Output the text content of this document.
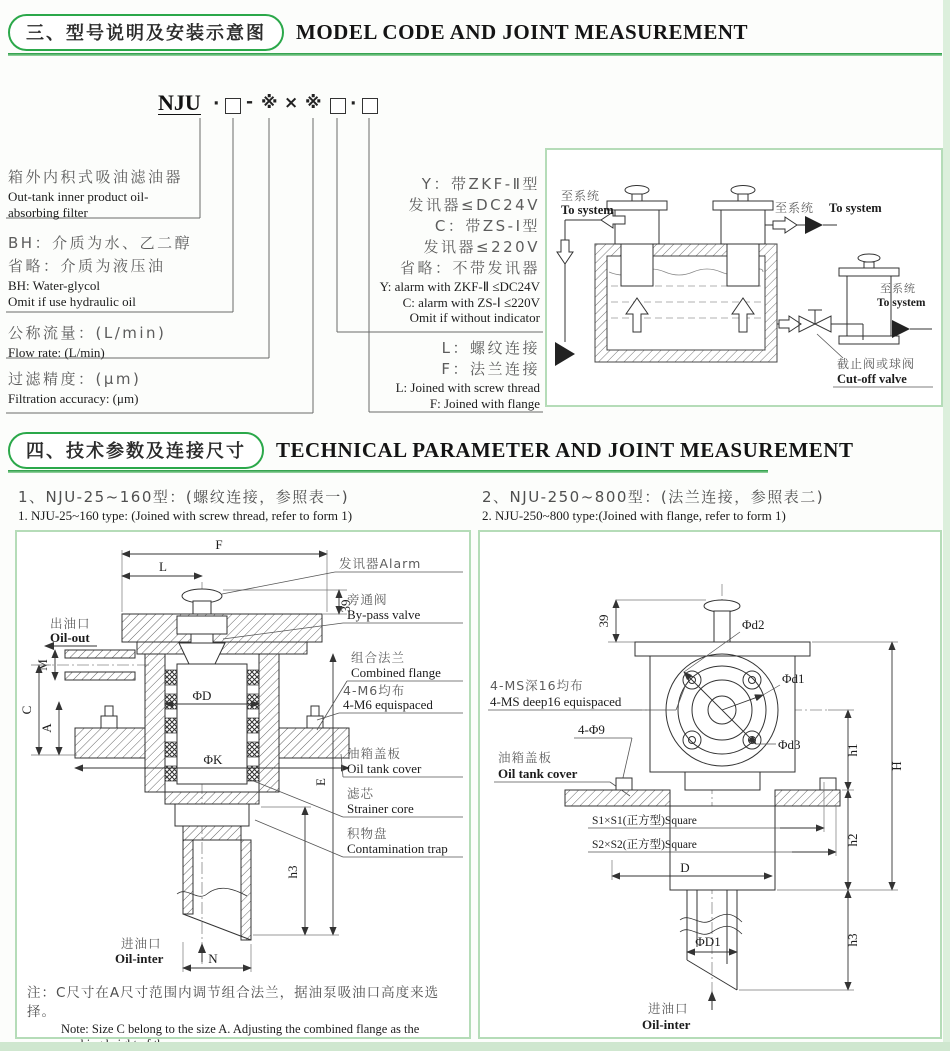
三、型号说明及安装示意图	MODEL CODE AND JOINT MEASUREMENT
NJU · - ※ × ※ ·
箱外内积式吸油滤油器
Out-tank inner product oil-
absorbing filter
BH：介质为水、乙二醇
省略：介质为液压油
BH: Water-glycol
Omit if use hydraulic oil
公称流量：(L/min)
Flow rate: (L/min)
过滤精度：(μm)
Filtration accuracy: (μm)
Y：带ZKF-Ⅱ型
发讯器≤DC24V
C：带ZS-Ⅰ型
发讯器≤220V
省略：不带发讯器
Y: alarm with ZKF-Ⅱ ≤DC24V
C: alarm with ZS-Ⅰ ≤220V
Omit if without indicator
L：螺纹连接
F：法兰连接
L: Joined with screw thread
F: Joined with flange
至系统
To system	至系统 To system
至系统
To system
截止阀或球阀
Cut-off valve
四、技术参数及连接尺寸	TECHNICAL PARAMETER AND JOINT MEASUREMENT
1、NJU-25~160型：(螺纹连接，参照表一)
1. NJU-25~160 type: (Joined with screw thread, refer to form 1)
2、NJU-250~800型：(法兰连接，参照表二)
2. NJU-250~800 type:(Joined with flange, refer to form 1)
F
L
39
出油口
Oil-out
M
C
A
ΦD
ΦK
E
h3
N
进油口
Oil-inter
发讯器Alarm
旁通阀
By-pass valve
组合法兰
Combined flange
4-M6均布
4-M6 equispaced
油箱盖板
Oil tank cover
滤芯
Strainer core
积物盘
Contamination trap
注：C尺寸在A尺寸范围内调节组合法兰，据油泵吸油口高度来选择。
Note: Size C belong to the size A. Adjusting the combined flange as the
39	Φd2
Φd1
Φd3
4-MS深16均布
4-MS deep16 equispaced
4-Φ9
油箱盖板
Oil tank cover
S1×S1(正方型)Square
S2×S2(正方型)Square
D
ΦD1
h1
h2
h3
H
进油口
Oil-inter
